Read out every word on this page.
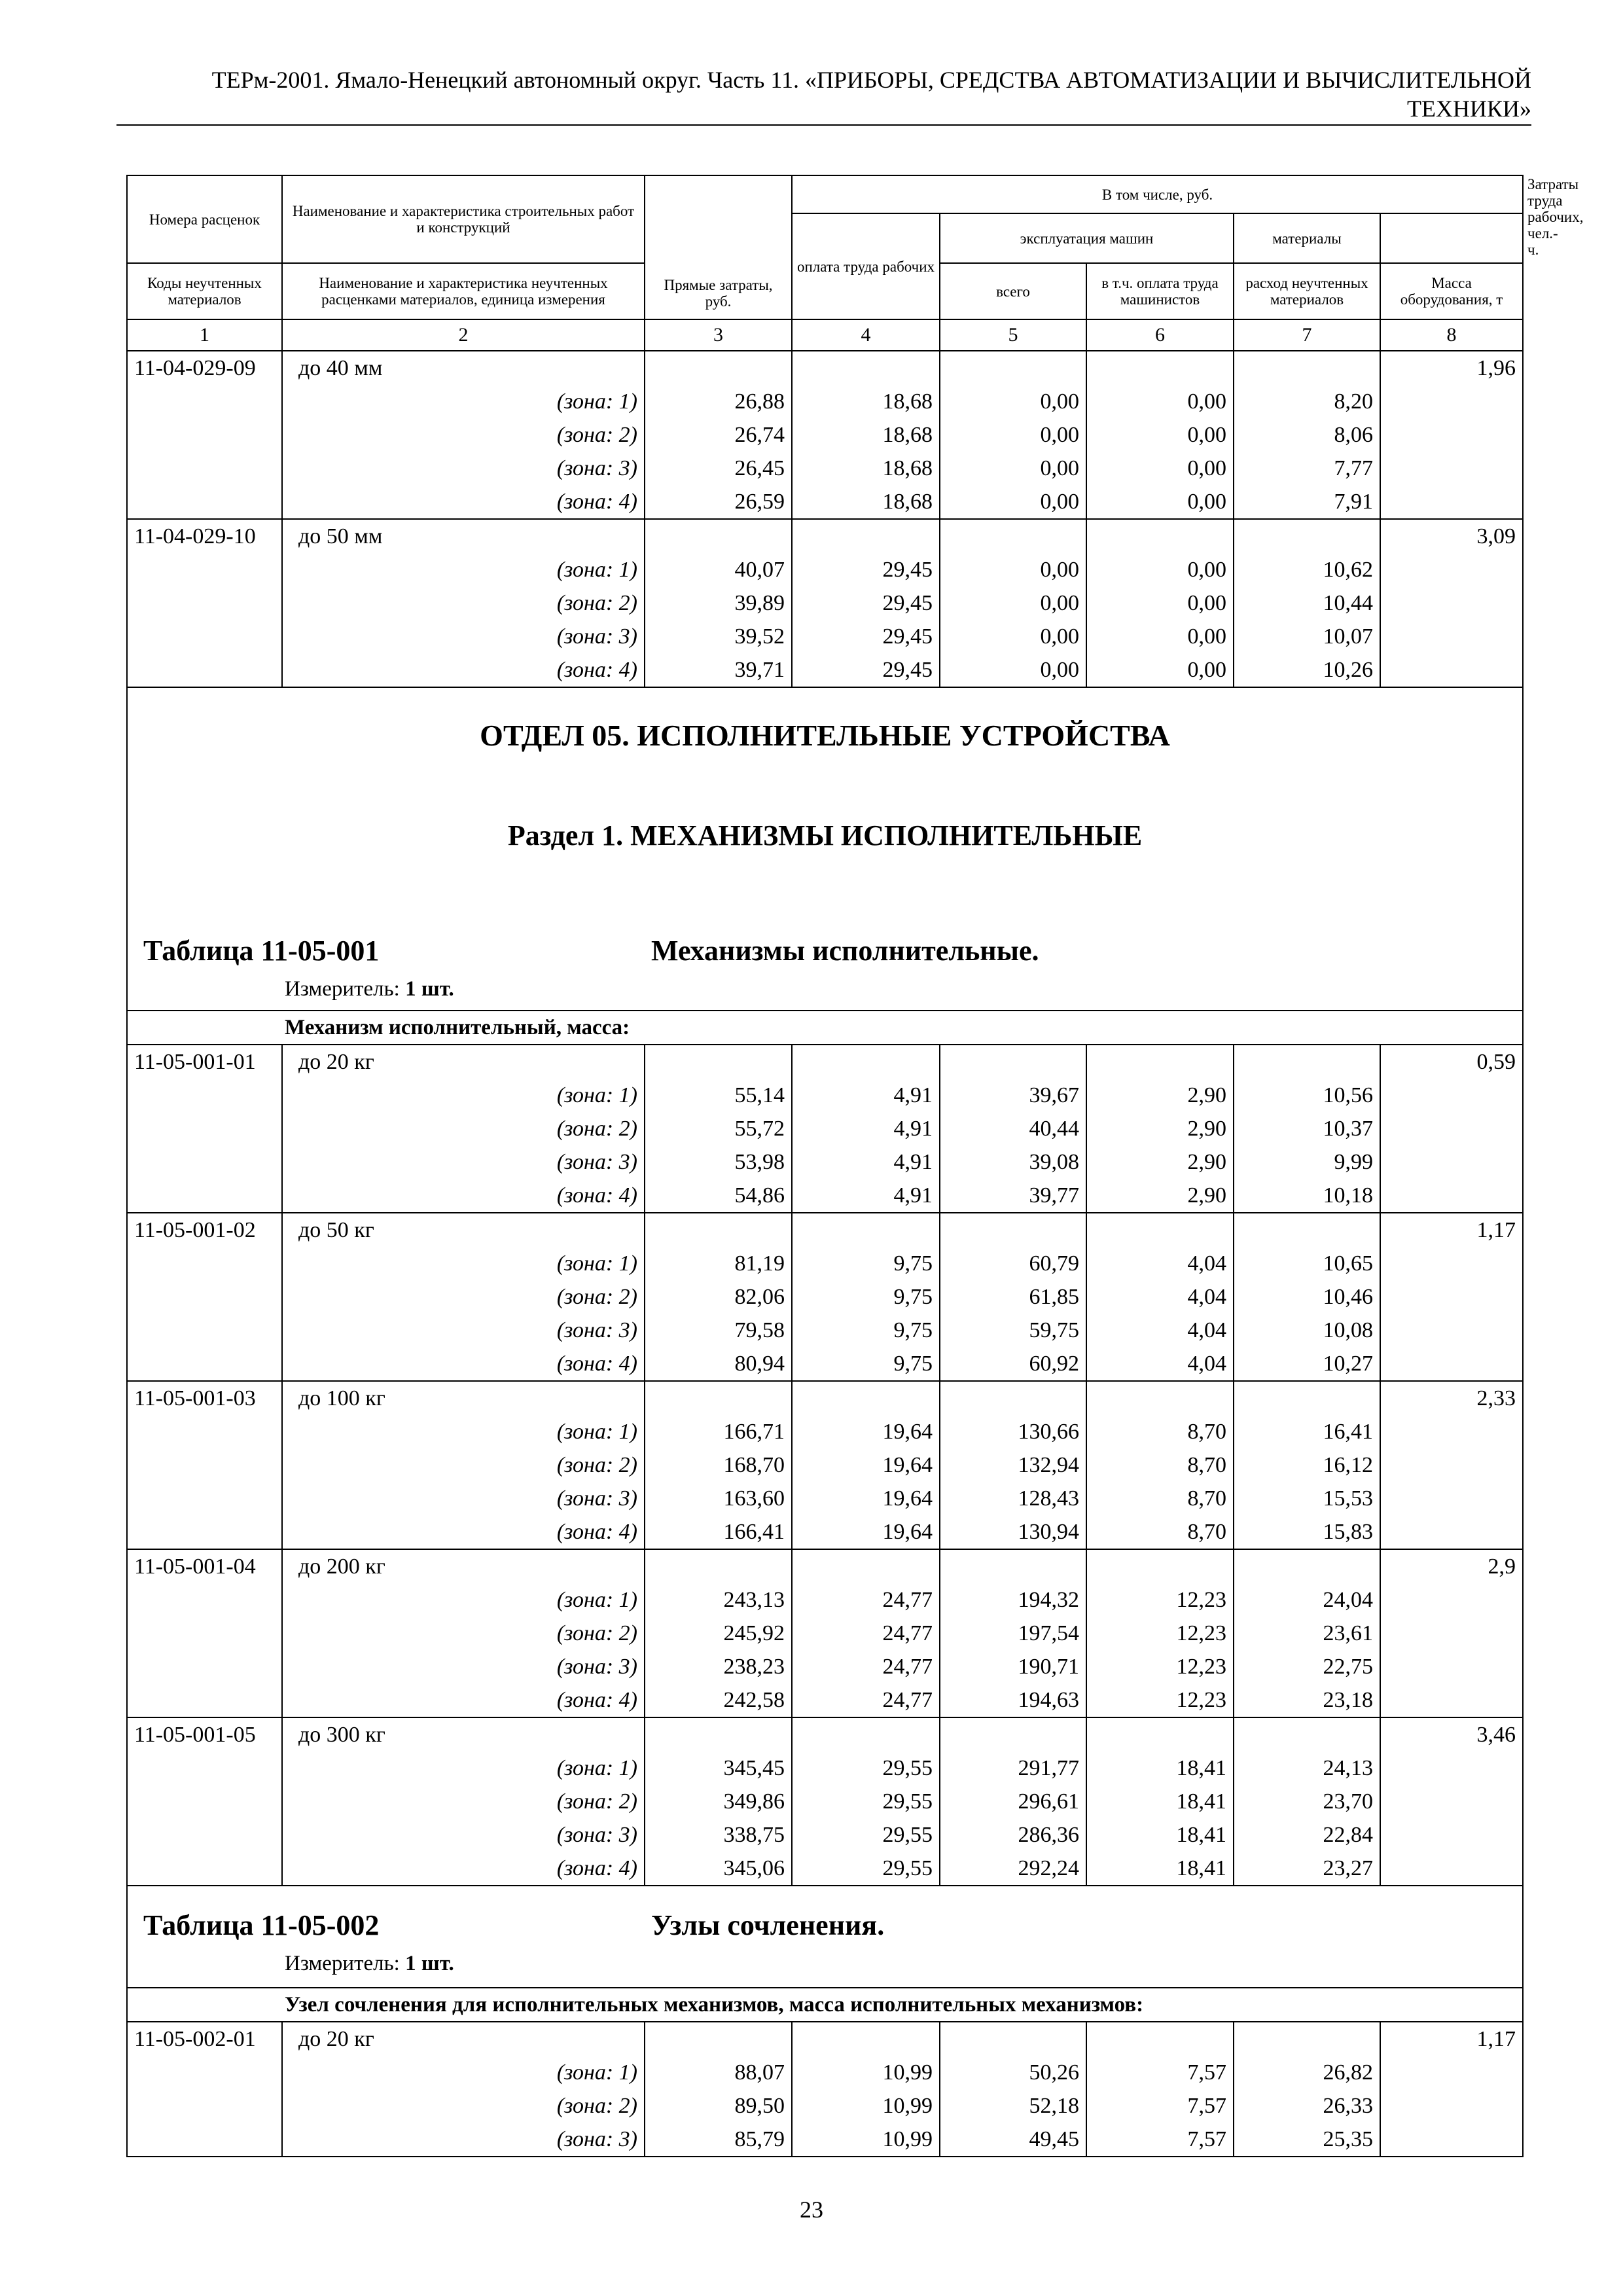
ТЕРм-2001. Ямало-Ненецкий автономный округ. Часть 11. «ПРИБОРЫ, СРЕДСТВА АВТОМАТИЗАЦИИ И ВЫЧИСЛИТЕЛЬНОЙ
ТЕХНИКИ»
Номера расценок	Наименование и характеристика строительных работ и конструкций	Прямые затраты, руб.	В том числе, руб.					Затраты труда рабочих, чел.-ч.
			оплата труда рабочих	эксплуатация машин		материалы		
Коды неучтенных материалов	Наименование и характеристика неучтенных расценками материалов, единица измерения			всего	в т.ч. оплата труда машинистов	расход неучтенных материалов	Масса оборудования, т	
1	2	3	4	5	6	7	8	
11-04-029-09	до 40 мм						1,96	
	(зона: 1)	26,88	18,68	0,00	0,00	8,20		
	(зона: 2)	26,74	18,68	0,00	0,00	8,06		
	(зона: 3)	26,45	18,68	0,00	0,00	7,77		
	(зона: 4)	26,59	18,68	0,00	0,00	7,91		
11-04-029-10	до 50 мм						3,09	
	(зона: 1)	40,07	29,45	0,00	0,00	10,62		
	(зона: 2)	39,89	29,45	0,00	0,00	10,44		
	(зона: 3)	39,52	29,45	0,00	0,00	10,07		
	(зона: 4)	39,71	29,45	0,00	0,00	10,26		

ОТДЕЛ 05. ИСПОЛНИТЕЛЬНЫЕ УСТРОЙСТВА
Раздел 1. МЕХАНИЗМЫ ИСПОЛНИТЕЛЬНЫЕ
Таблица 11-05-001 Механизмы исполнительные.
Измеритель: 1 шт.								

Механизм исполнительный, масса:								
11-05-001-01	до 20 кг						0,59	
	(зона: 1)	55,14	4,91	39,67	2,90	10,56		
	(зона: 2)	55,72	4,91	40,44	2,90	10,37		
	(зона: 3)	53,98	4,91	39,08	2,90	9,99		
	(зона: 4)	54,86	4,91	39,77	2,90	10,18		
11-05-001-02	до 50 кг						1,17	
	(зона: 1)	81,19	9,75	60,79	4,04	10,65		
	(зона: 2)	82,06	9,75	61,85	4,04	10,46		
	(зона: 3)	79,58	9,75	59,75	4,04	10,08		
	(зона: 4)	80,94	9,75	60,92	4,04	10,27		
11-05-001-03	до 100 кг						2,33	
	(зона: 1)	166,71	19,64	130,66	8,70	16,41		
	(зона: 2)	168,70	19,64	132,94	8,70	16,12		
	(зона: 3)	163,60	19,64	128,43	8,70	15,53		
	(зона: 4)	166,41	19,64	130,94	8,70	15,83		
11-05-001-04	до 200 кг						2,9	
	(зона: 1)	243,13	24,77	194,32	12,23	24,04		
	(зона: 2)	245,92	24,77	197,54	12,23	23,61		
	(зона: 3)	238,23	24,77	190,71	12,23	22,75		
	(зона: 4)	242,58	24,77	194,63	12,23	23,18		
11-05-001-05	до 300 кг						3,46	
	(зона: 1)	345,45	29,55	291,77	18,41	24,13		
	(зона: 2)	349,86	29,55	296,61	18,41	23,70		
	(зона: 3)	338,75	29,55	286,36	18,41	22,84		
	(зона: 4)	345,06	29,55	292,24	18,41	23,27		

Таблица 11-05-002 Узлы сочленения.
Измеритель: 1 шт.								

Узел сочленения для исполнительных механизмов, масса исполнительных механизмов:								
11-05-002-01	до 20 кг						1,17	
	(зона: 1)	88,07	10,99	50,26	7,57	26,82		
	(зона: 2)	89,50	10,99	52,18	7,57	26,33		
	(зона: 3)	85,79	10,99	49,45	7,57	25,35		
23
